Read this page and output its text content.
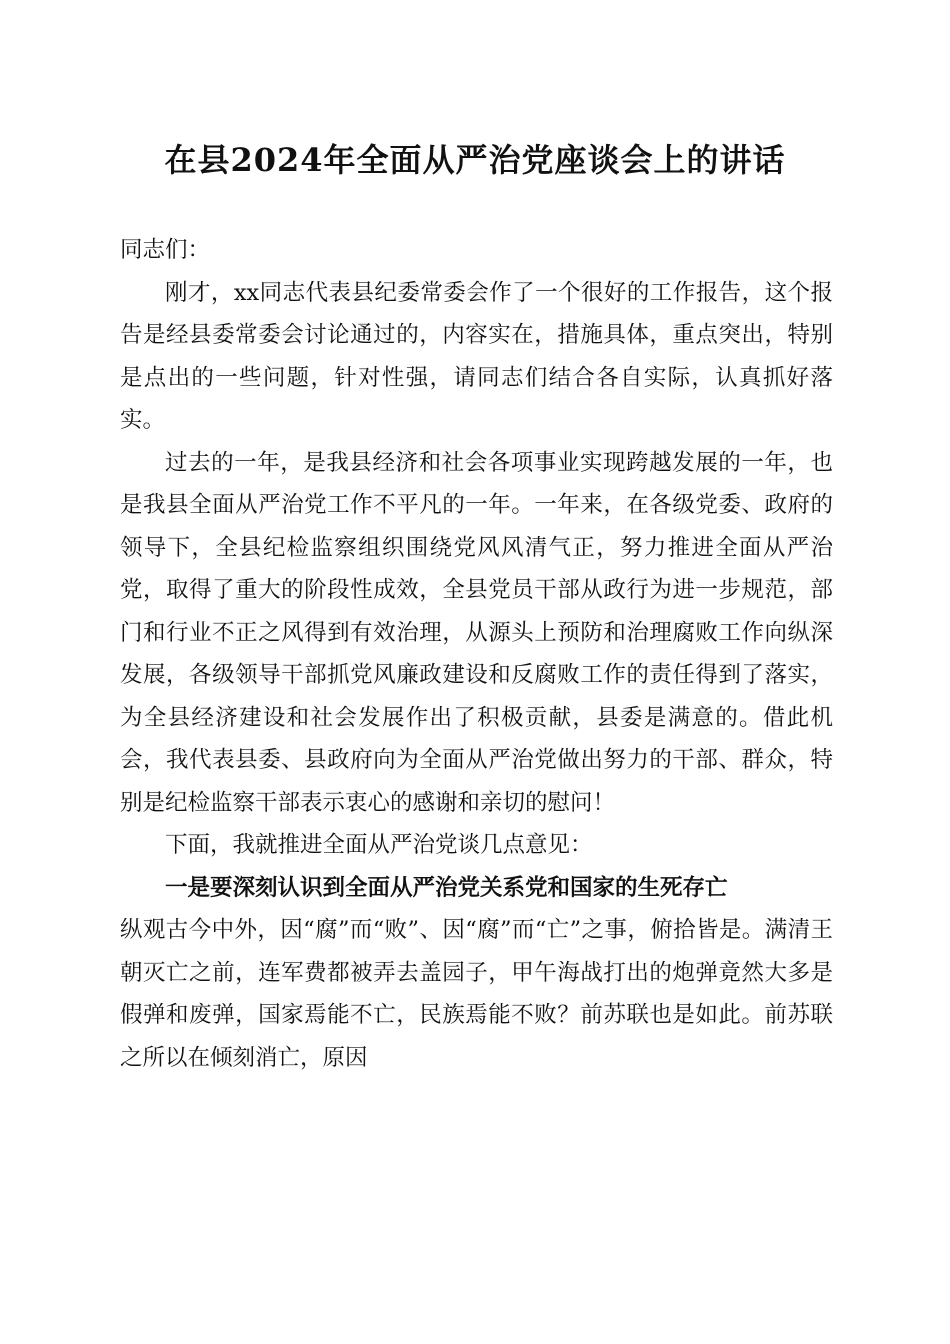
在县2024年全面从严治党座谈会上的讲话

同志们：

刚才，xx同志代表县纪委常委会作了一个很好的工作报告，这个报告是经县委常委会讨论通过的，内容实在，措施具体，重点突出，特别是点出的一些问题，针对性强，请同志们结合各自实际，认真抓好落实。

过去的一年，是我县经济和社会各项事业实现跨越发展的一年，也是我县全面从严治党工作不平凡的一年。一年来，在各级党委、政府的领导下，全县纪检监察组织围绕党风风清气正，努力推进全面从严治党，取得了重大的阶段性成效，全县党员干部从政行为进一步规范，部门和行业不正之风得到有效治理，从源头上预防和治理腐败工作向纵深发展，各级领导干部抓党风廉政建设和反腐败工作的责任得到了落实，为全县经济建设和社会发展作出了积极贡献，县委是满意的。借此机会，我代表县委、县政府向为全面从严治党做出努力的干部、群众，特别是纪检监察干部表示衷心的感谢和亲切的慰问！

下面，我就推进全面从严治党谈几点意见：

一是要深刻认识到全面从严治党关系党和国家的生死存亡

纵观古今中外，因“腐”而“败”、因“腐”而“亡”之事，俯拾皆是。满清王朝灭亡之前，连军费都被弄去盖园子，甲午海战打出的炮弹竟然大多是假弹和废弹，国家焉能不亡，民族焉能不败？前苏联也是如此。前苏联之所以在倾刻消亡，原因
